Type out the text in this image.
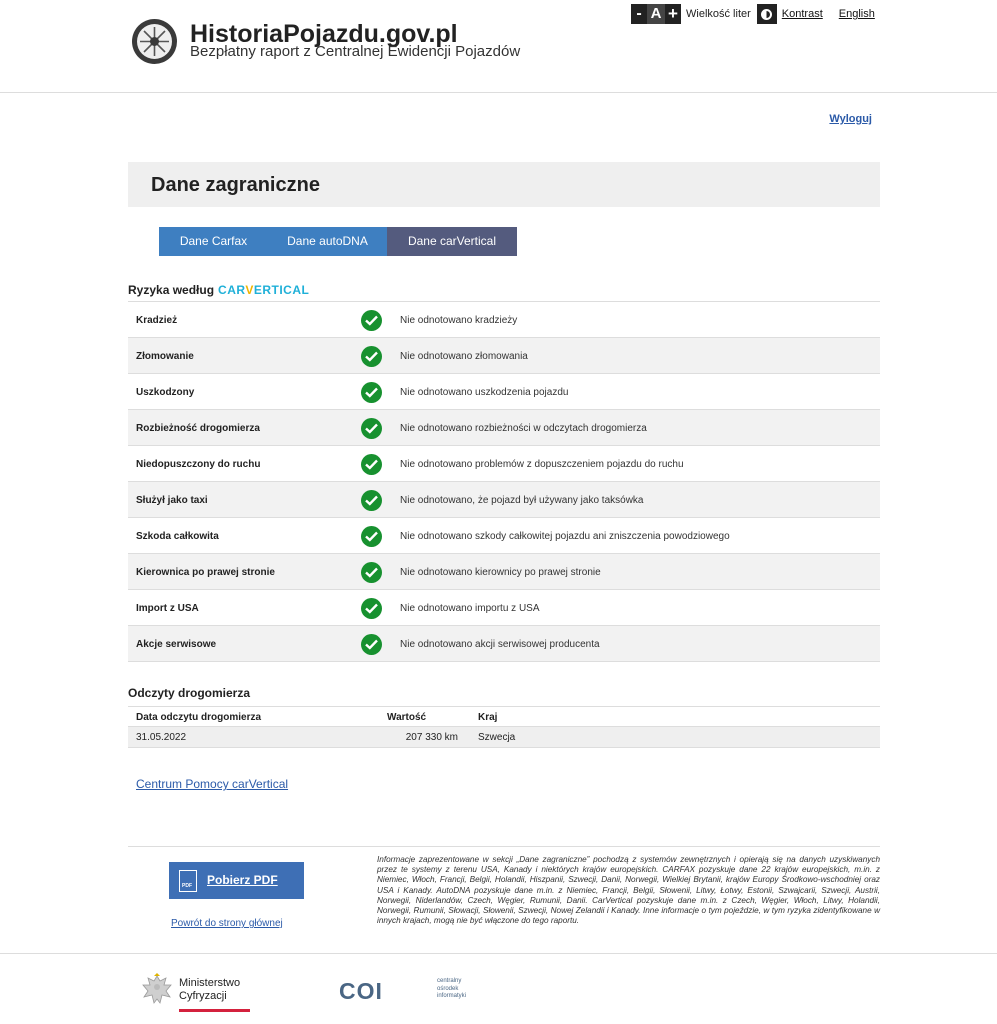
HistoriaPojazdu.gov.pl
Bezpłatny raport z Centralnej Ewidencji Pojazdów
- A + Wielkość liter	Kontrast English
Wyloguj
Dane zagraniczne
Dane Carfax	Dane autoDNA	Dane carVertical
Ryzyka według CARVERTICAL
Kradzież	Nie odnotowano kradzieży
Złomowanie	Nie odnotowano złomowania
Uszkodzony	Nie odnotowano uszkodzenia pojazdu
Rozbieżność drogomierza	Nie odnotowano rozbieżności w odczytach drogomierza
Niedopuszczony do ruchu	Nie odnotowano problemów z dopuszczeniem pojazdu do ruchu
Służył jako taxi	Nie odnotowano, że pojazd był używany jako taksówka
Szkoda całkowita	Nie odnotowano szkody całkowitej pojazdu ani zniszczenia powodziowego
Kierownica po prawej stronie	Nie odnotowano kierownicy po prawej stronie
Import z USA	Nie odnotowano importu z USA
Akcje serwisowe	Nie odnotowano akcji serwisowej producenta
Odczyty drogomierza
Data odczytu drogomierza	Wartość	Kraj
31.05.2022	207 330 km Szwecja
Centrum Pomocy carVertical
PDF Pobierz PDF
Powrót do strony głównej
Informacje zaprezentowane w sekcji „Dane zagraniczne” pochodzą z systemów zewnętrznych i opierają się na danych uzyskiwanych przez te systemy z terenu USA, Kanady i niektórych krajów europejskich. CARFAX pozyskuje dane 22 krajów europejskich, m.in. z Niemiec, Włoch, Francji, Belgii, Holandii, Hiszpanii, Szwecji, Danii, Norwegii, Wielkiej Brytanii, krajów Europy Środkowo-wschodniej oraz USA i Kanady. AutoDNA pozyskuje dane m.in. z Niemiec, Francji, Belgii, Słowenii, Litwy, Łotwy, Estonii, Szwajcarii, Szwecji, Austrii, Norwegii, Niderlandów, Czech, Węgier, Rumunii, Danii. CarVertical pozyskuje dane m.in. z Czech, Węgier, Włoch, Litwy, Holandii, Norwegii, Rumunii, Słowacji, Słowenii, Szwecji, Nowej Zelandii i Kanady. Inne informacje o tym pojeździe, w tym ryzyka zidentyfikowane w innych krajach, mogą nie być włączone do tego raportu.
Ministerstwo
Cyfryzacji	COI	centralny
ośrodek
informatyki
